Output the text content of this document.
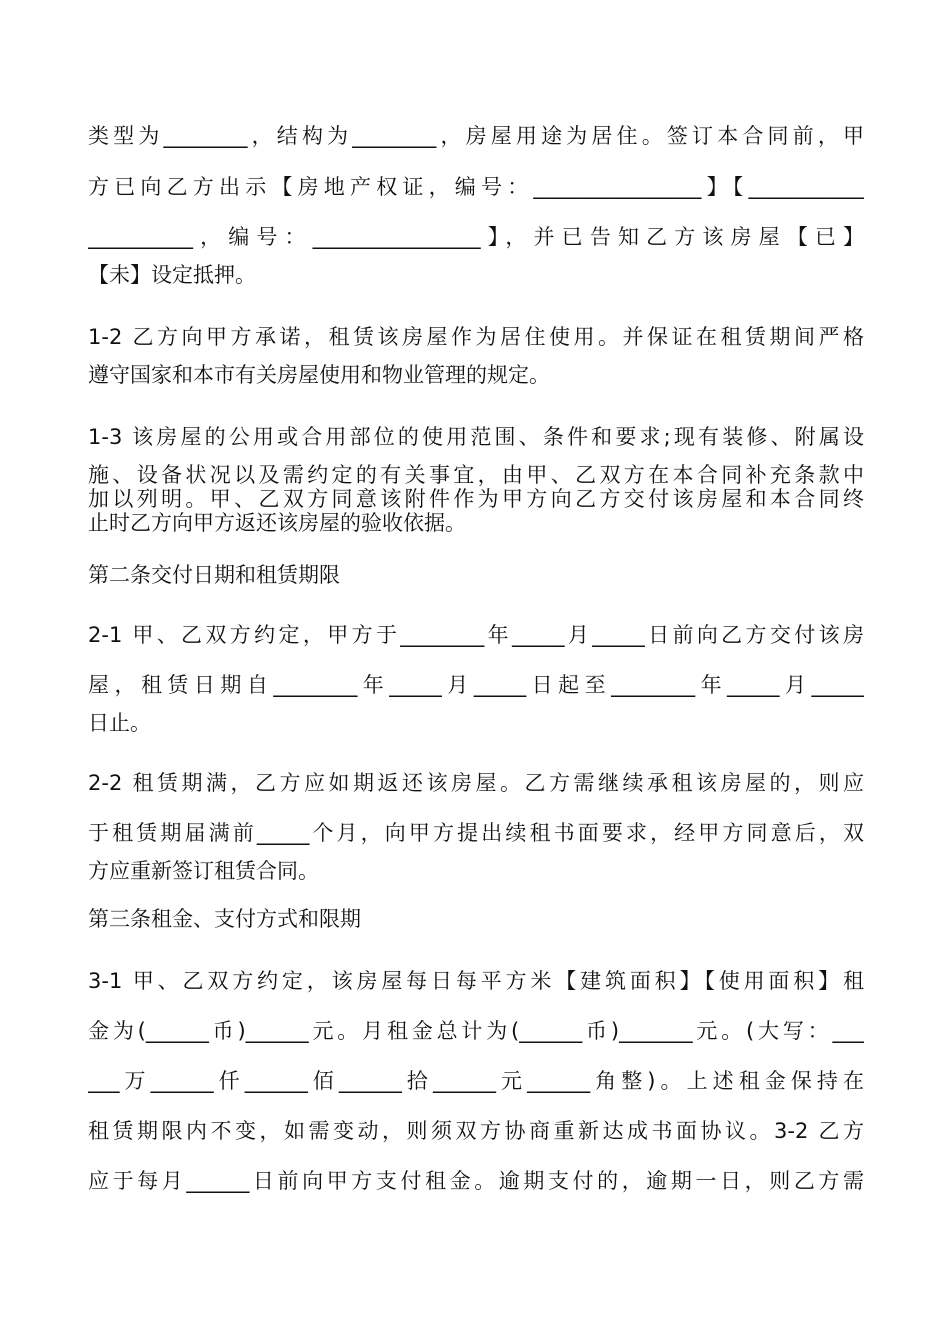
类型为________，结构为________，房屋用途为居住。签订本合同前，甲
方已向乙方出示【房地产权证，编号：________________】【___________
__________，编号：________________】，并已告知乙方该房屋【已】
【未】设定抵押。
1-2 乙方向甲方承诺，租赁该房屋作为居住使用。并保证在租赁期间严格
遵守国家和本市有关房屋使用和物业管理的规定。
1-3 该房屋的公用或合用部位的使用范围、条件和要求;现有装修、附属设
施、设备状况以及需约定的有关事宜，由甲、乙双方在本合同补充条款中
加以列明。甲、乙双方同意该附件作为甲方向乙方交付该房屋和本合同终
止时乙方向甲方返还该房屋的验收依据。
第二条交付日期和租赁期限
2-1 甲、乙双方约定，甲方于________年_____月_____日前向乙方交付该房
屋，租赁日期自________年_____月_____日起至________年_____月_____
日止。
2-2 租赁期满，乙方应如期返还该房屋。乙方需继续承租该房屋的，则应
于租赁期届满前_____个月，向甲方提出续租书面要求，经甲方同意后，双
方应重新签订租赁合同。
第三条租金、支付方式和限期
3-1 甲、乙双方约定，该房屋每日每平方米【建筑面积】【使用面积】租
金为(______币)______元。月租金总计为(______币)_______元。(大写：___
___万______仟______佰______拾______元______角整)。上述租金保持在
租赁期限内不变，如需变动，则须双方协商重新达成书面协议。3-2 乙方
应于每月______日前向甲方支付租金。逾期支付的，逾期一日，则乙方需
